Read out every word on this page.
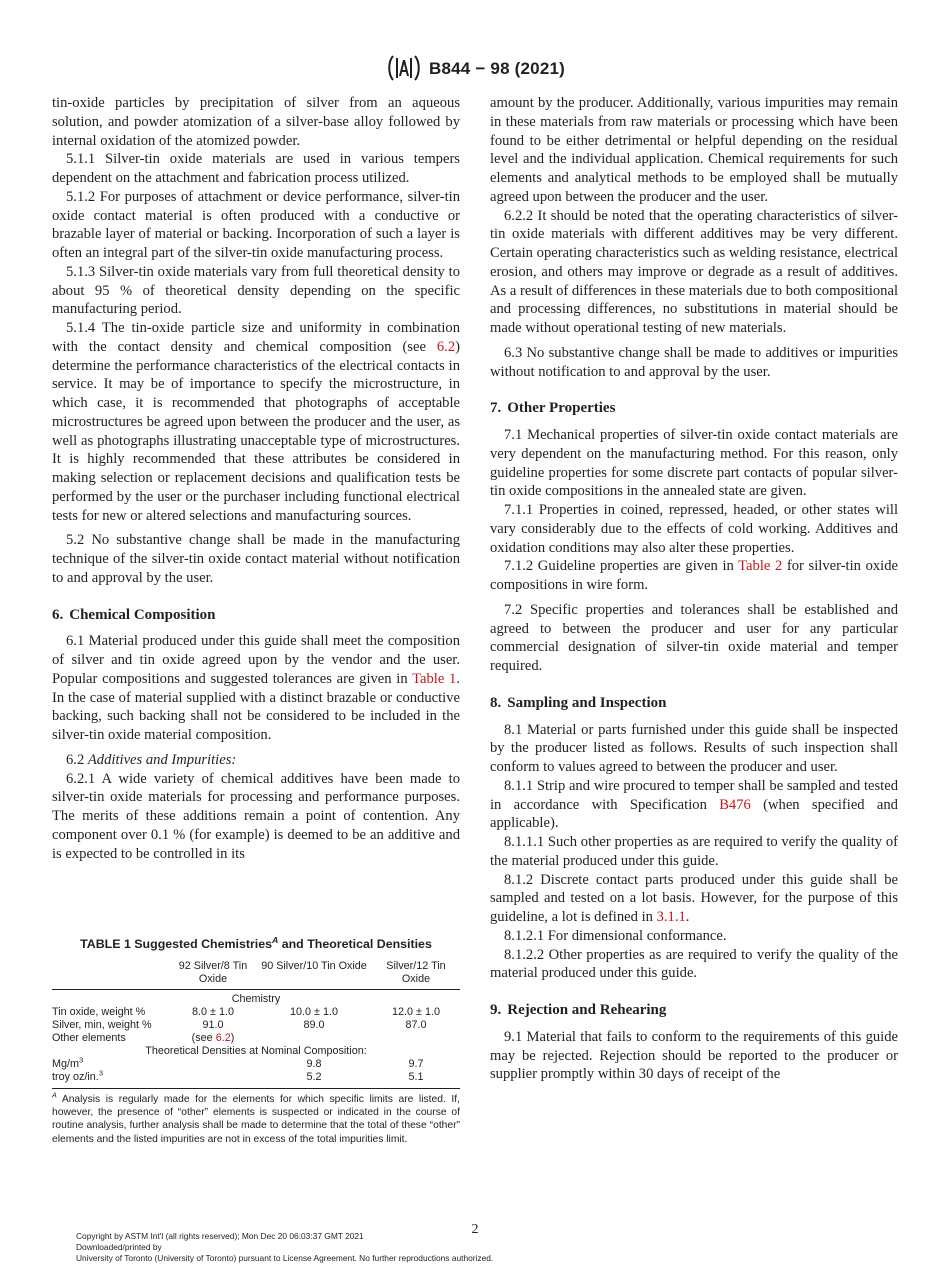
B844 − 98 (2021)

tin-oxide particles by precipitation of silver from an aqueous solution, and powder atomization of a silver-base alloy followed by internal oxidation of the atomized powder.

5.1.1 Silver-tin oxide materials are used in various tempers dependent on the attachment and fabrication process utilized.

5.1.2 For purposes of attachment or device performance, silver-tin oxide contact material is often produced with a conductive or brazable layer of material or backing. Incorporation of such a layer is often an integral part of the silver-tin oxide manufacturing process.

5.1.3 Silver-tin oxide materials vary from full theoretical density to about 95 % of theoretical density depending on the specific manufacturing period.

5.1.4 The tin-oxide particle size and uniformity in combination with the contact density and chemical composition (see 6.2) determine the performance characteristics of the electrical contacts in service. It may be of importance to specify the microstructure, in which case, it is recommended that photographs of acceptable microstructures be agreed upon between the producer and the user, as well as photographs illustrating unacceptable type of microstructures. It is highly recommended that these attributes be considered in making selection or replacement decisions and qualification tests be performed by the user or the purchaser including functional electrical tests for new or altered selections and manufacturing sources.

5.2 No substantive change shall be made in the manufacturing technique of the silver-tin oxide contact material without notification to and approval by the user.

6. Chemical Composition

6.1 Material produced under this guide shall meet the composition of silver and tin oxide agreed upon by the vendor and the user. Popular compositions and suggested tolerances are given in Table 1. In the case of material supplied with a distinct brazable or conductive backing, such backing shall not be considered to be included in the silver-tin oxide material composition.

6.2 Additives and Impurities:

6.2.1 A wide variety of chemical additives have been made to silver-tin oxide materials for processing and performance purposes. The merits of these additions remain a point of contention. Any component over 0.1 % (for example) is deemed to be an additive and is expected to be controlled in its

TABLE 1 Suggested Chemistries$^A$ and Theoretical Densities
	92 Silver/8 Tin Oxide	90 Silver/10 Tin Oxide	Silver/12 Tin Oxide
Chemistry			
Tin oxide, weight %	8.0 ± 1.0	10.0 ± 1.0	12.0 ± 1.0
Silver, min, weight %	91.0	89.0	87.0
Other elements	(see 6.2)		
Theoretical Densities at Nominal Composition:			
$Mg/m^3$		9.8	9.7
troy oz/in.$^3$		5.2	5.1
$^A$ Analysis is regularly made for the elements for which specific limits are listed. If, however, the presence of “other” elements is suspected or indicated in the course of routine analysis, further analysis shall be made to determine that the total of these “other” elements and the listed impurities are not in excess of the total impurities limit.

amount by the producer. Additionally, various impurities may remain in these materials from raw materials or processing which have been found to be either detrimental or helpful depending on the residual level and the individual application. Chemical requirements for such elements and analytical methods to be employed shall be mutually agreed upon between the producer and the user.

6.2.2 It should be noted that the operating characteristics of silver-tin oxide materials with different additives may be very different. Certain operating characteristics such as welding resistance, electrical erosion, and others may improve or degrade as a result of additives. As a result of differences in these materials due to both compositional and processing differences, no substitutions in material should be made without operational testing of new materials.

6.3 No substantive change shall be made to additives or impurities without notification to and approval by the user.

7. Other Properties

7.1 Mechanical properties of silver-tin oxide contact materials are very dependent on the manufacturing method. For this reason, only guideline properties for some discrete part contacts of popular silver-tin oxide compositions in the annealed state are given.

7.1.1 Properties in coined, repressed, headed, or other states will vary considerably due to the effects of cold working. Additives and oxidation conditions may also alter these properties.

7.1.2 Guideline properties are given in Table 2 for silver-tin oxide compositions in wire form.

7.2 Specific properties and tolerances shall be established and agreed to between the producer and user for any particular commercial designation of silver-tin oxide material and temper required.

8. Sampling and Inspection

8.1 Material or parts furnished under this guide shall be inspected by the producer listed as follows. Results of such inspection shall conform to values agreed to between the producer and user.

8.1.1 Strip and wire procured to temper shall be sampled and tested in accordance with Specification B476 (when specified and applicable).

8.1.1.1 Such other properties as are required to verify the quality of the material produced under this guide.

8.1.2 Discrete contact parts produced under this guide shall be sampled and tested on a lot basis. However, for the purpose of this guideline, a lot is defined in 3.1.1.

8.1.2.1 For dimensional conformance.

8.1.2.2 Other properties as are required to verify the quality of the material produced under this guide.

9. Rejection and Rehearing

9.1 Material that fails to conform to the requirements of this guide may be rejected. Rejection should be reported to the producer or supplier promptly within 30 days of receipt of the

2
Copyright by ASTM Int'l (all rights reserved); Mon Dec 20 06:03:37 GMT 2021
Downloaded/printed by
University of Toronto (University of Toronto) pursuant to License Agreement. No further reproductions authorized.
